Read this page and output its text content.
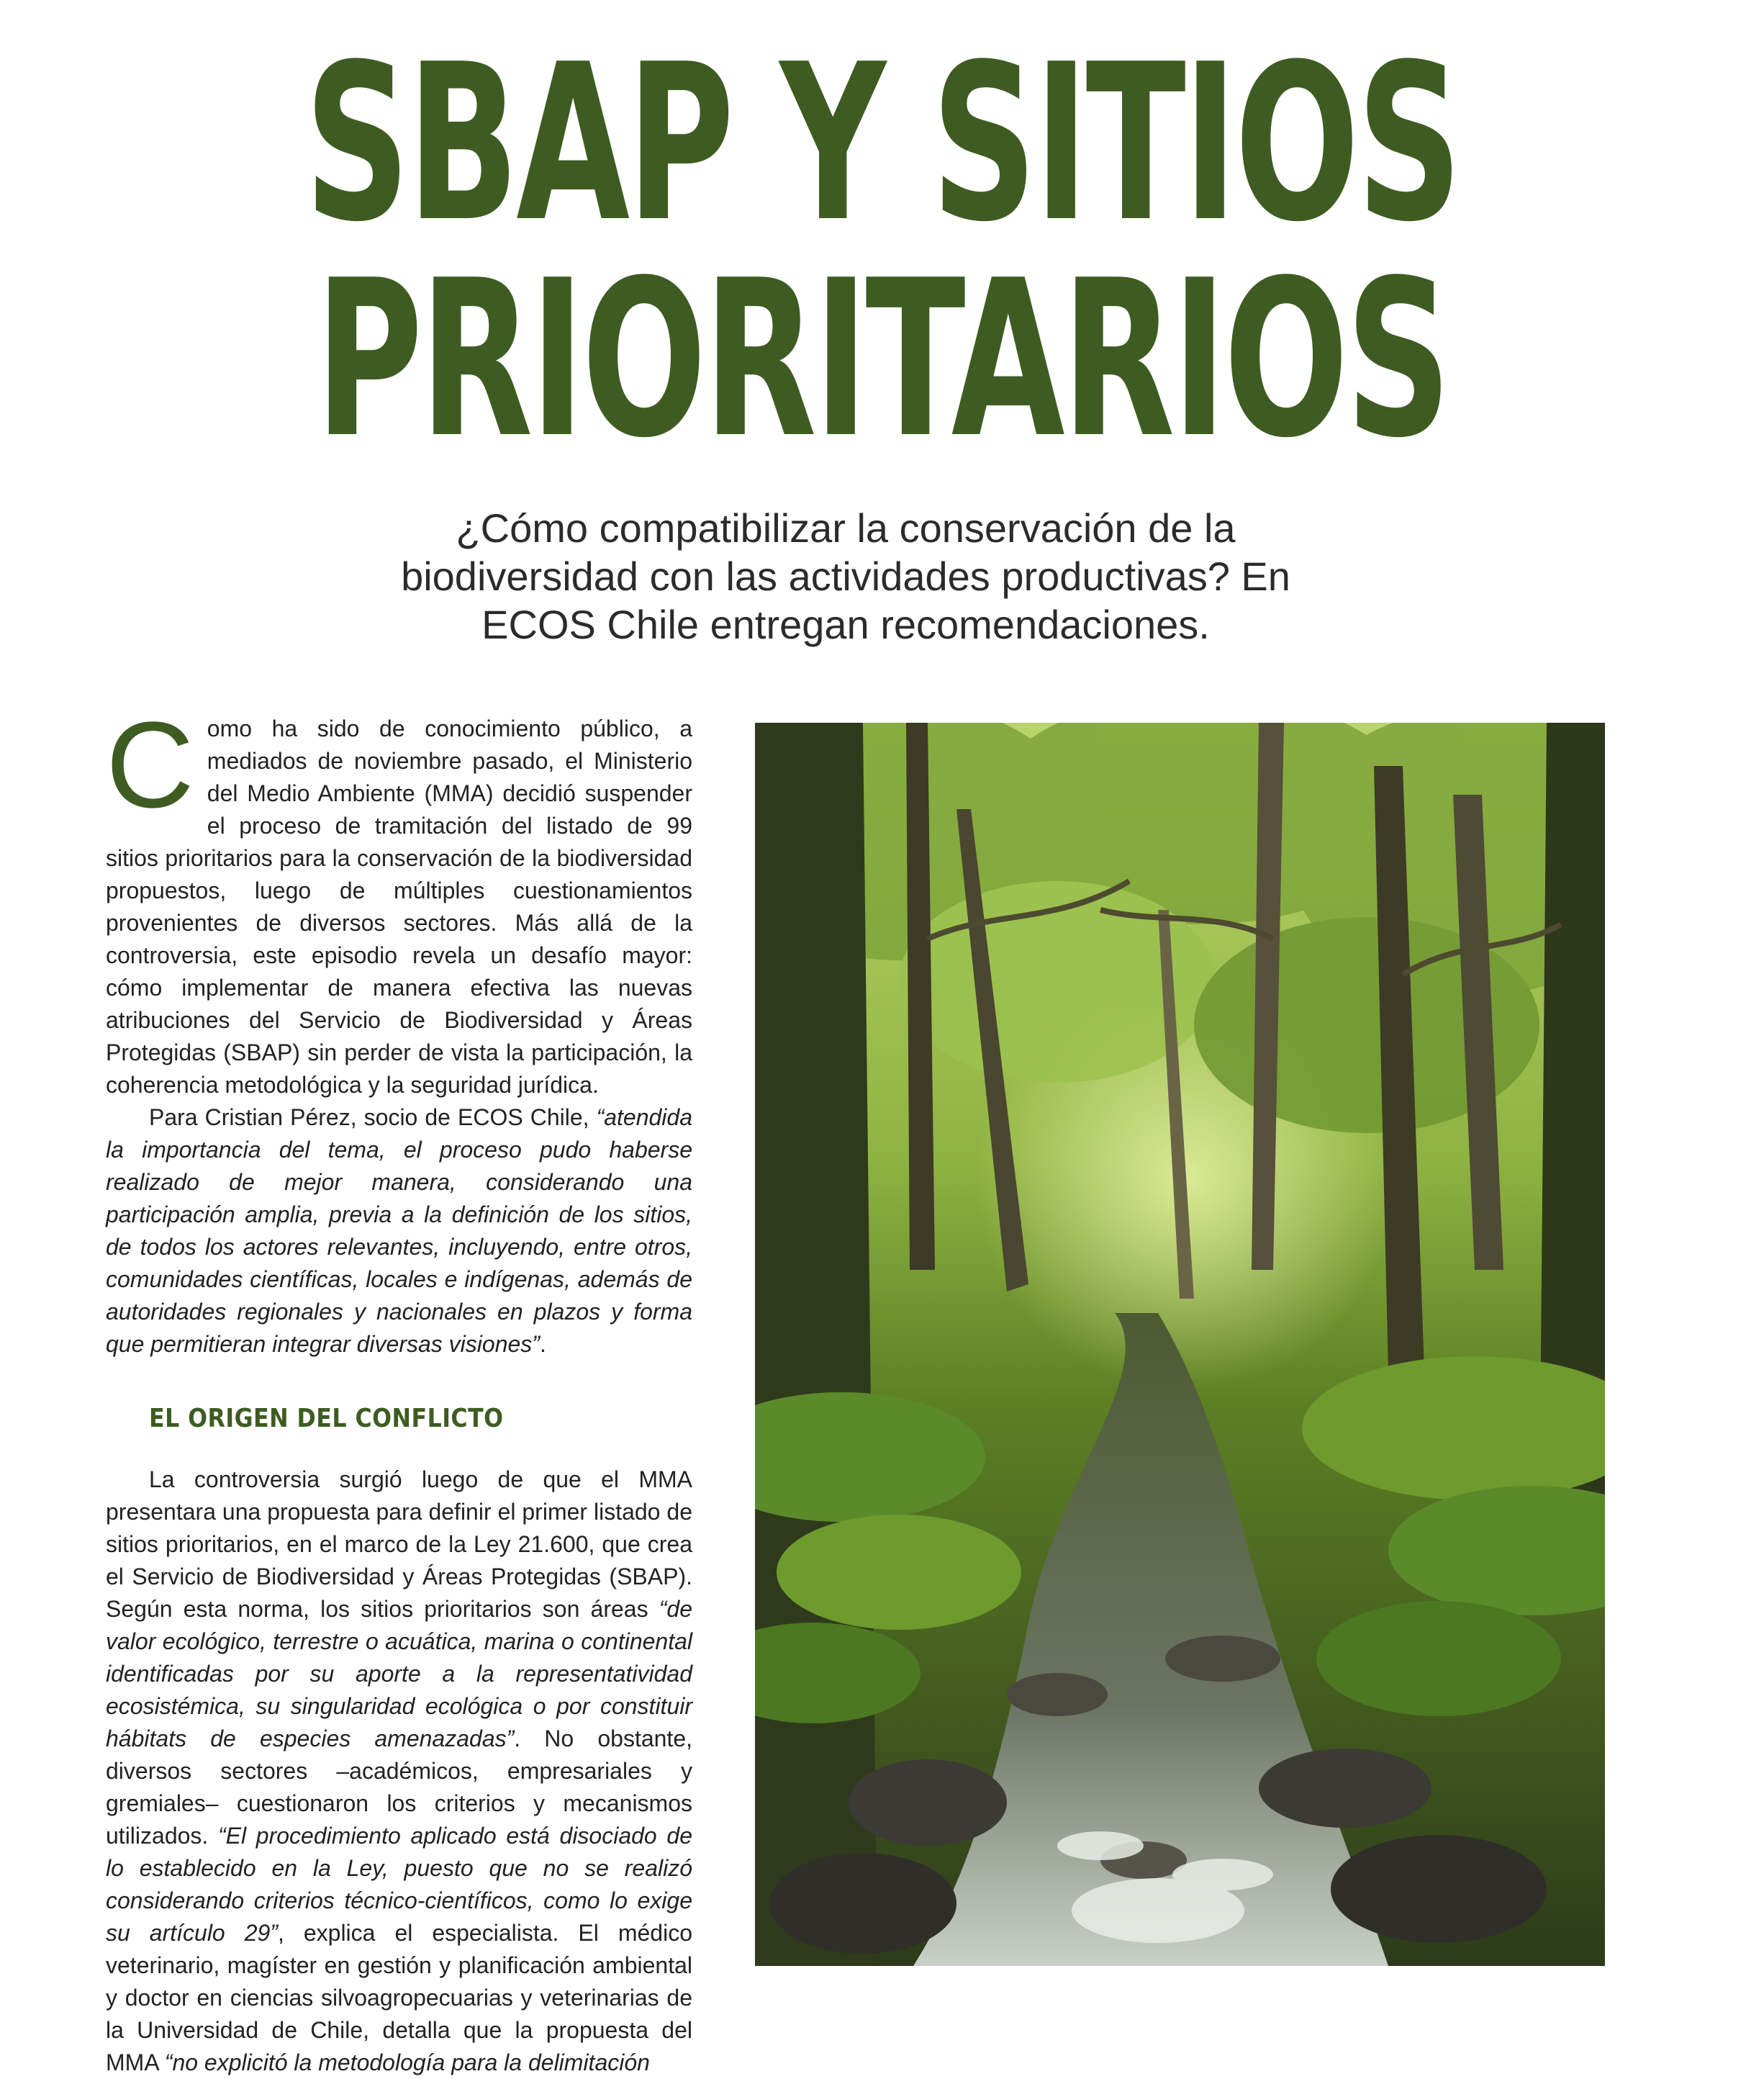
SBAP Y SITIOS
PRIORITARIOS
¿Cómo compatibilizar la conservación de la
biodiversidad con las actividades productivas? En
ECOS Chile entregan recomendaciones.

Como ha sido de conocimiento público, a mediados de noviembre pasado, el Ministerio del Medio Ambiente (MMA) decidió suspender el proceso de tramitación del listado de 99 sitios prioritarios para la conservación de la biodiversidad propuestos, luego de múltiples cuestionamientos provenientes de diversos sectores. Más allá de la controversia, este episodio revela un desafío mayor: cómo implementar de manera efectiva las nuevas atribuciones del Servicio de Biodiversidad y Áreas Protegidas (SBAP) sin perder de vista la participación, la coherencia metodológica y la seguridad jurídica.

Para Cristian Pérez, socio de ECOS Chile, “atendida la importancia del tema, el proceso pudo haberse realizado de mejor manera, considerando una participación amplia, previa a la definición de los sitios, de todos los actores relevantes, incluyendo, entre otros, comunidades científicas, locales e indígenas, además de autoridades regionales y nacionales en plazos y forma que permitieran integrar diversas visiones”.

EL ORIGEN DEL CONFLICTO

La controversia surgió luego de que el MMA presentara una propuesta para definir el primer listado de sitios prioritarios, en el marco de la Ley 21.600, que crea el Servicio de Biodiversidad y Áreas Protegidas (SBAP). Según esta norma, los sitios prioritarios son áreas “de valor ecológico, terrestre o acuática, marina o continental identificadas por su aporte a la representatividad ecosistémica, su singularidad ecológica o por constituir hábitats de especies amenazadas”. No obstante, diversos sectores –académicos, empresariales y gremiales– cuestionaron los criterios y mecanismos utilizados. “El procedimiento aplicado está disociado de lo establecido en la Ley, puesto que no se realizó considerando criterios técnico-científicos, como lo exige su artículo 29”, explica el especialista. El médico veterinario, magíster en gestión y planificación ambiental y doctor en ciencias silvoagropecuarias y veterinarias de la Universidad de Chile, detalla que la propuesta del MMA “no explicitó la metodología para la delimitación
